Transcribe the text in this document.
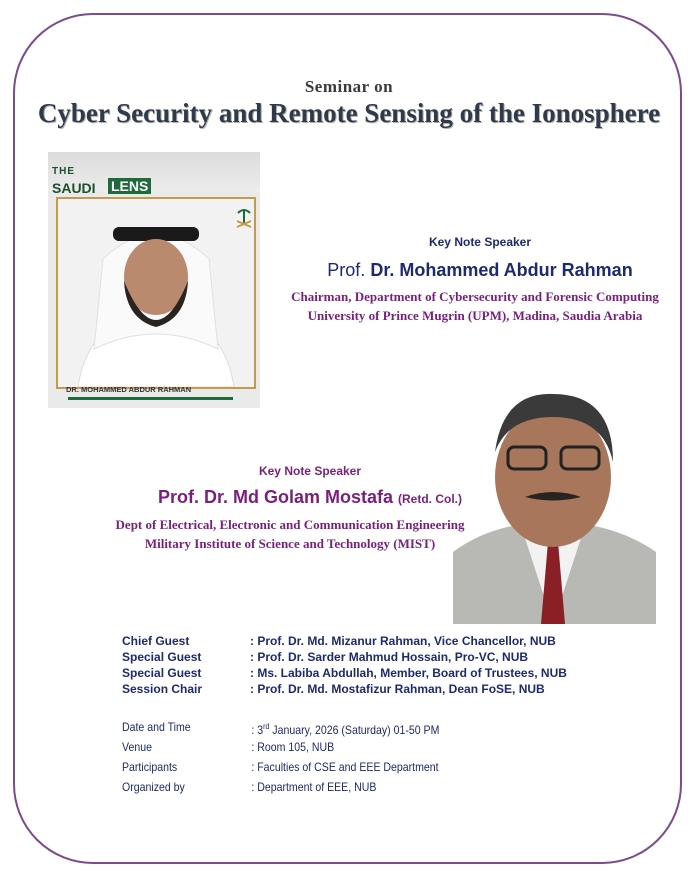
Seminar on
Cyber Security and Remote Sensing of the Ionosphere
THE
SAUDI LENS
DR. MOHAMMED ABDUR RAHMAN
Key Note Speaker
Prof. Dr. Mohammed Abdur Rahman
Chairman, Department of Cybersecurity and Forensic Computing
University of Prince Mugrin (UPM), Madina, Saudia Arabia
Key Note Speaker
Prof. Dr. Md Golam Mostafa (Retd. Col.)
Dept of Electrical, Electronic and Communication Engineering
Military Institute of Science and Technology (MIST)
Chief Guest	: Prof. Dr. Md. Mizanur Rahman, Vice Chancellor, NUB
Special Guest	: Prof. Dr. Sarder Mahmud Hossain, Pro-VC, NUB
Special Guest	: Ms. Labiba Abdullah, Member, Board of Trustees, NUB
Session Chair	: Prof. Dr. Md. Mostafizur Rahman, Dean FoSE, NUB
Date and Time	: 3rd January, 2026 (Saturday) 01-50 PM
Venue	: Room 105, NUB
Participants	: Faculties of CSE and EEE Department
Organized by	: Department of EEE, NUB
